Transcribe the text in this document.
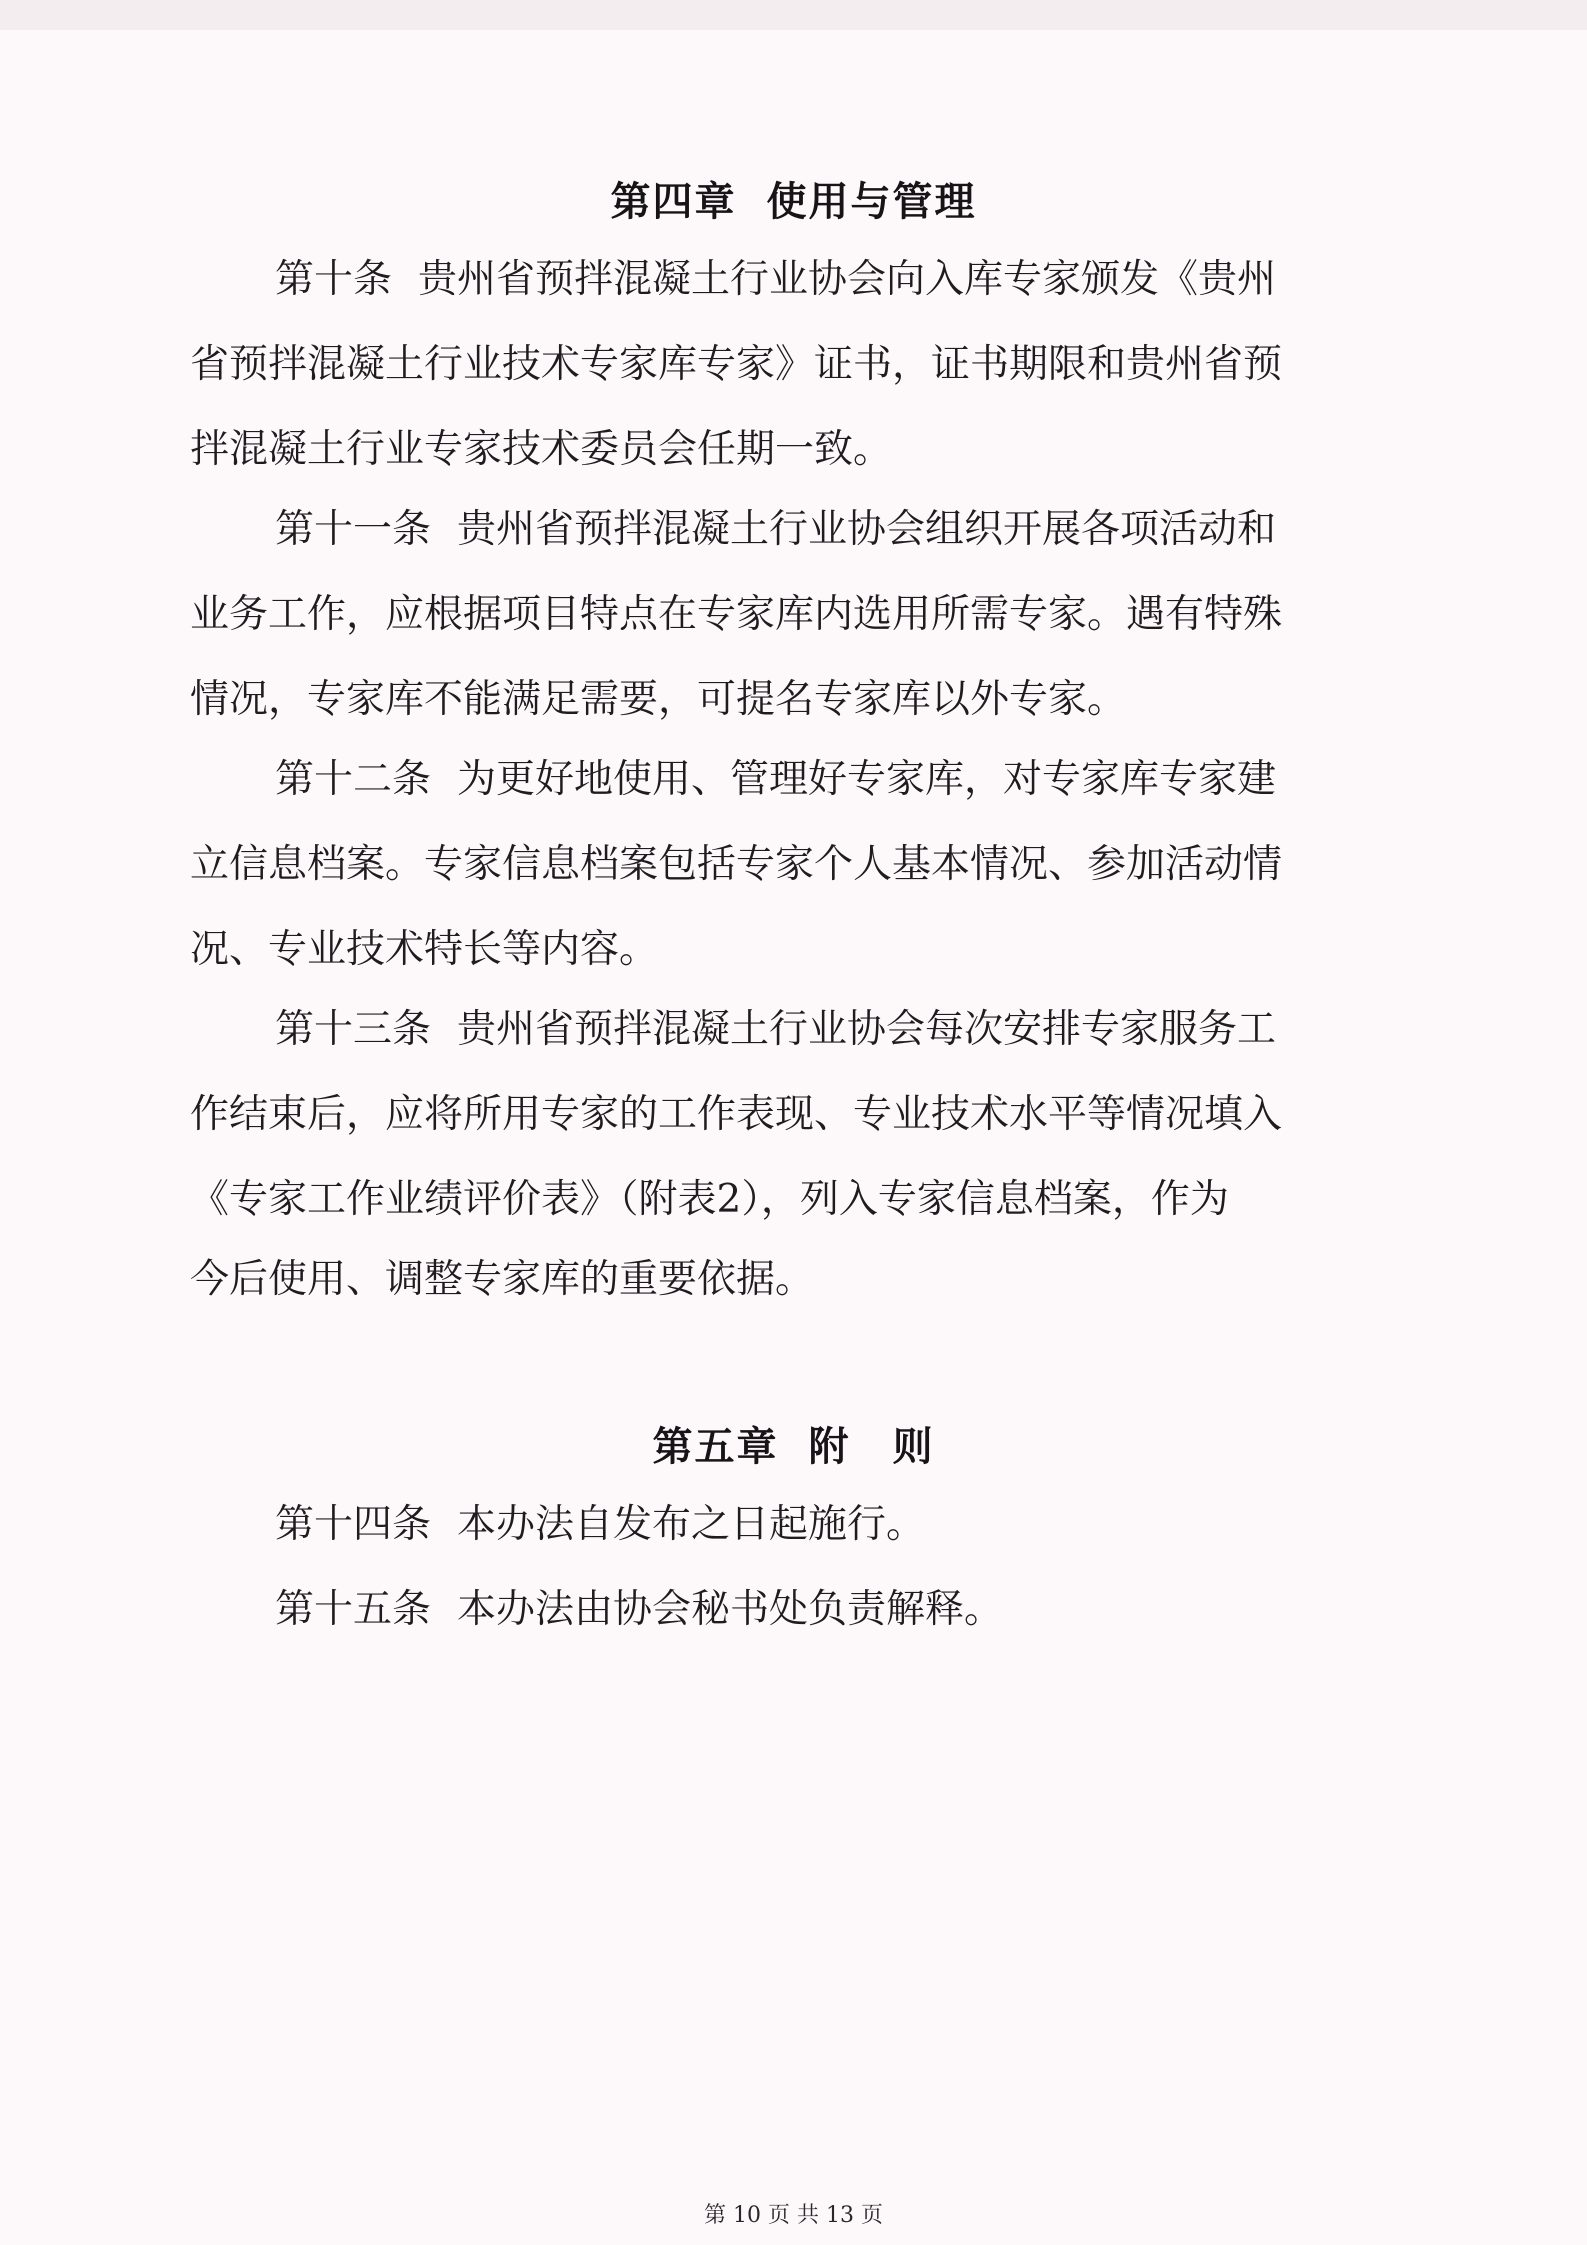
第四章 使用与管理
第十条 贵州省预拌混凝土行业协会向入库专家颁发《贵州
省预拌混凝土行业技术专家库专家》证书，证书期限和贵州省预
拌混凝土行业专家技术委员会任期一致。
第十一条 贵州省预拌混凝土行业协会组织开展各项活动和
业务工作，应根据项目特点在专家库内选用所需专家。遇有特殊
情况，专家库不能满足需要，可提名专家库以外专家。
第十二条 为更好地使用、管理好专家库，对专家库专家建
立信息档案。专家信息档案包括专家个人基本情况、参加活动情
况、专业技术特长等内容。
第十三条 贵州省预拌混凝土行业协会每次安排专家服务工
作结束后，应将所用专家的工作表现、专业技术水平等情况填入
《专家工作业绩评价表》（附表2），列入专家信息档案，作为
今后使用、调整专家库的重要依据。
第五章 附　则
第十四条 本办法自发布之日起施行。
第十五条 本办法由协会秘书处负责解释。
第 10 页 共 13 页
